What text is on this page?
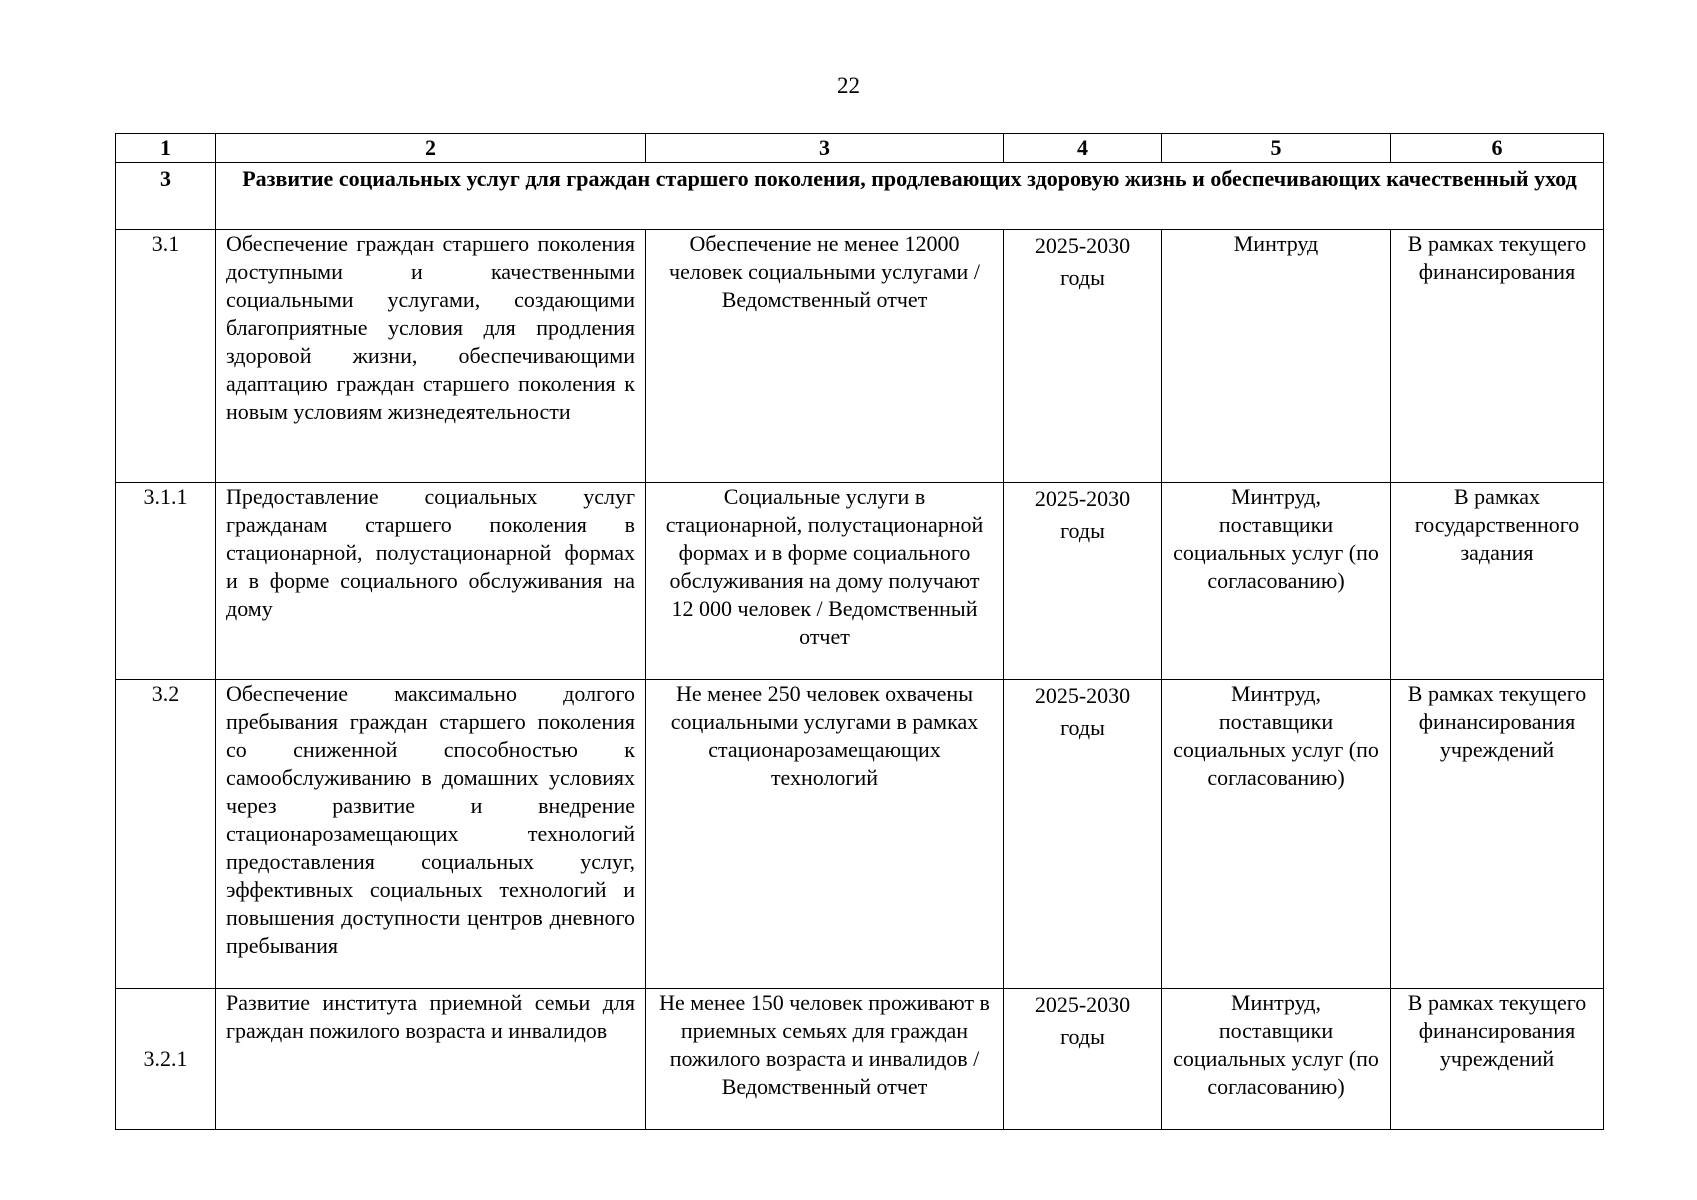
22
1	2	3	4	5	6
3	Развитие социальных услуг для граждан старшего поколения, продлевающих здоровую жизнь и обеспечивающих качественный уход				
3.1	Обеспечение граждан старшего поколения доступными и качественными социальными услугами, создающими благоприятные условия для продления здоровой жизни, обеспечивающими адаптацию граждан старшего поколения к новым условиям жизнедеятельности	Обеспечение не менее 12000 человек социальными услугами / Ведомственный отчет	2025-2030 годы	Минтруд	В рамках текущего финансирования
3.1.1	Предоставление социальных услуг гражданам старшего поколения в стационарной, полустационарной формах и в форме социального обслуживания на дому	Социальные услуги в стационарной, полустационарной формах и в форме социального обслуживания на дому получают 12 000 человек / Ведомственный отчет	2025-2030 годы	Минтруд, поставщики социальных услуг (по согласованию)	В рамках государственного задания
3.2	Обеспечение максимально долгого пребывания граждан старшего поколения со сниженной способностью к самообслуживанию в домашних условиях через развитие и внедрение стационарозамещающих технологий предоставления социальных услуг, эффективных социальных технологий и повышения доступности центров дневного пребывания	Не менее 250 человек охвачены социальными услугами в рамках стационарозамещающих технологий	2025-2030 годы	Минтруд, поставщики социальных услуг (по согласованию)	В рамках текущего финансирования учреждений
3.2.1	Развитие института приемной семьи для граждан пожилого возраста и инвалидов	Не менее 150 человек проживают в приемных семьях для граждан пожилого возраста и инвалидов / Ведомственный отчет	2025-2030 годы	Минтруд, поставщики социальных услуг (по согласованию)	В рамках текущего финансирования учреждений
